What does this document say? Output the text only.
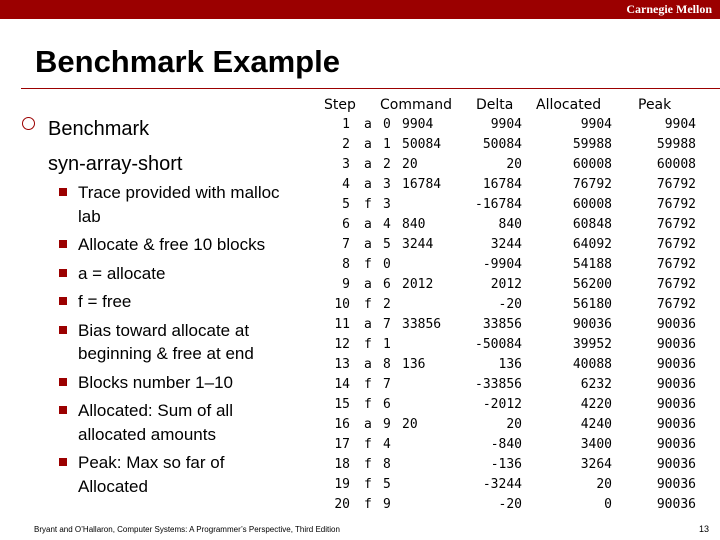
Carnegie Mellon
Benchmark Example
Benchmark
syn-array-short
Trace provided with malloc lab
Allocate & free 10 blocks
a = allocate
f = free
Bias toward allocate at beginning & free at end
Blocks number 1–10
Allocated: Sum of all allocated amounts
Peak: Max so far of Allocated
Step Command Delta Allocated	Peak
1 a 0 9904	9904	9904	9904
2 a 1 50084	50084	59988	59988
3 a 2 20	20	60008	60008
4 a 3 16784	16784	76792	76792
5 f 3	-16784	60008	76792
6 a 4 840	840	60848	76792
7 a 5 3244	3244	64092	76792
8 f 0	-9904	54188	76792
9 a 6 2012	2012	56200	76792
10 f 2	-20	56180	76792
11 a 7 33856	33856	90036	90036
12 f 1	-50084	39952	90036
13 a 8 136	136	40088	90036
14 f 7	-33856	6232	90036
15 f 6	-2012	4220	90036
16 a 9 20	20	4240	90036
17 f 4	-840	3400	90036
18 f 8	-136	3264	90036
19 f 5	-3244	20	90036
20 f 9	-20	0	90036
Bryant and O’Hallaron, Computer Systems: A Programmer’s Perspective, Third Edition	13
